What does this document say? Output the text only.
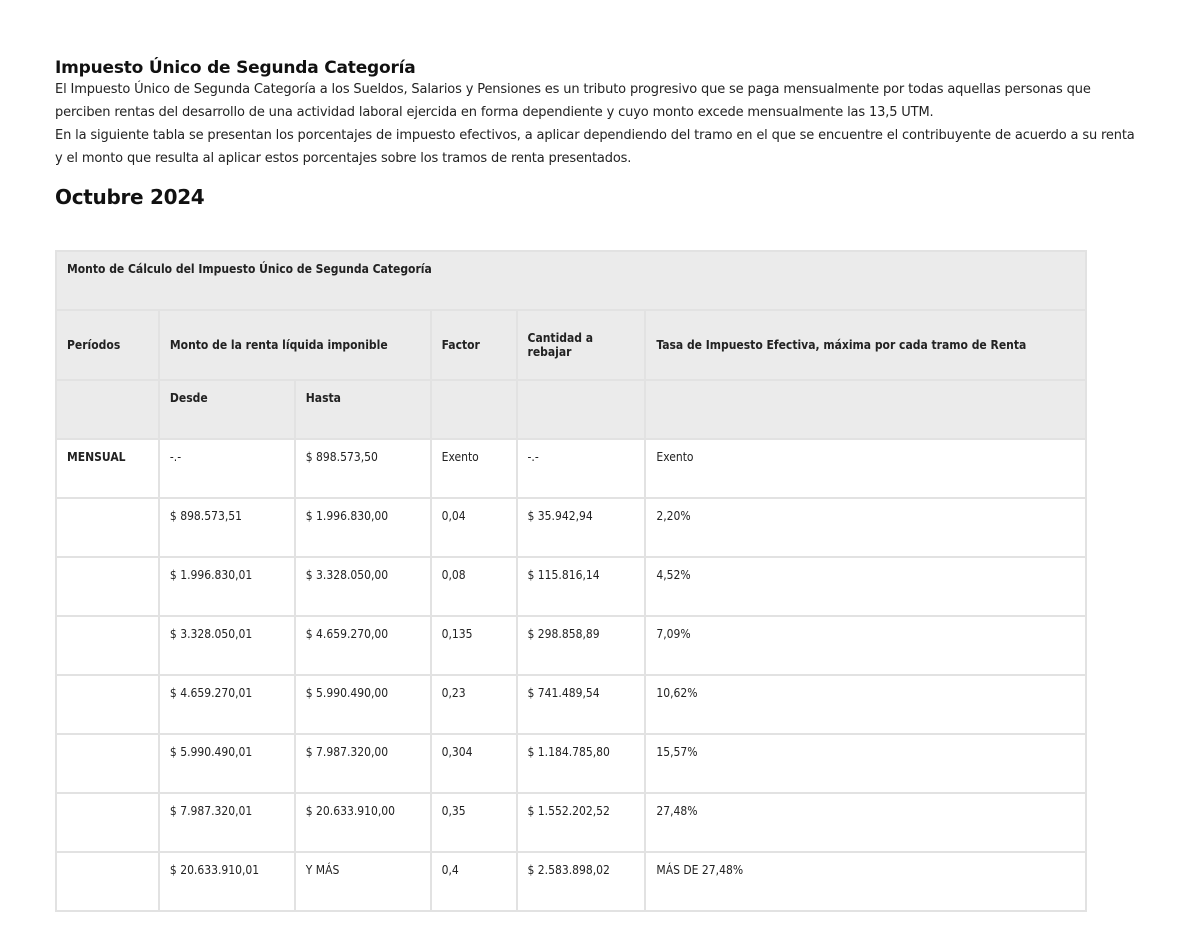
Impuesto Único de Segunda Categoría

El Impuesto Único de Segunda Categoría a los Sueldos, Salarios y Pensiones es un tributo progresivo que se paga mensualmente por todas aquellas personas que perciben rentas del desarrollo de una actividad laboral ejercida en forma dependiente y cuyo monto excede mensualmente las 13,5 UTM.

En la siguiente tabla se presentan los porcentajes de impuesto efectivos, a aplicar dependiendo del tramo en el que se encuentre el contribuyente de acuerdo a su renta y el monto que resulta al aplicar estos porcentajes sobre los tramos de renta presentados.

Octubre 2024
Monto de Cálculo del Impuesto Único de Segunda Categoría					
Períodos	Monto de la renta líquida imponible		Factor	Cantidad a rebajar	Tasa de Impuesto Efectiva, máxima por cada tramo de Renta
	Desde	Hasta			
MENSUAL	-.-	$ 898.573,50	Exento	-.-	Exento
	$ 898.573,51	$ 1.996.830,00	0,04	$ 35.942,94	2,20%
	$ 1.996.830,01	$ 3.328.050,00	0,08	$ 115.816,14	4,52%
	$ 3.328.050,01	$ 4.659.270,00	0,135	$ 298.858,89	7,09%
	$ 4.659.270,01	$ 5.990.490,00	0,23	$ 741.489,54	10,62%
	$ 5.990.490,01	$ 7.987.320,00	0,304	$ 1.184.785,80	15,57%
	$ 7.987.320,01	$ 20.633.910,00	0,35	$ 1.552.202,52	27,48%
	$ 20.633.910,01	Y MÁS	0,4	$ 2.583.898,02	MÁS DE 27,48%
